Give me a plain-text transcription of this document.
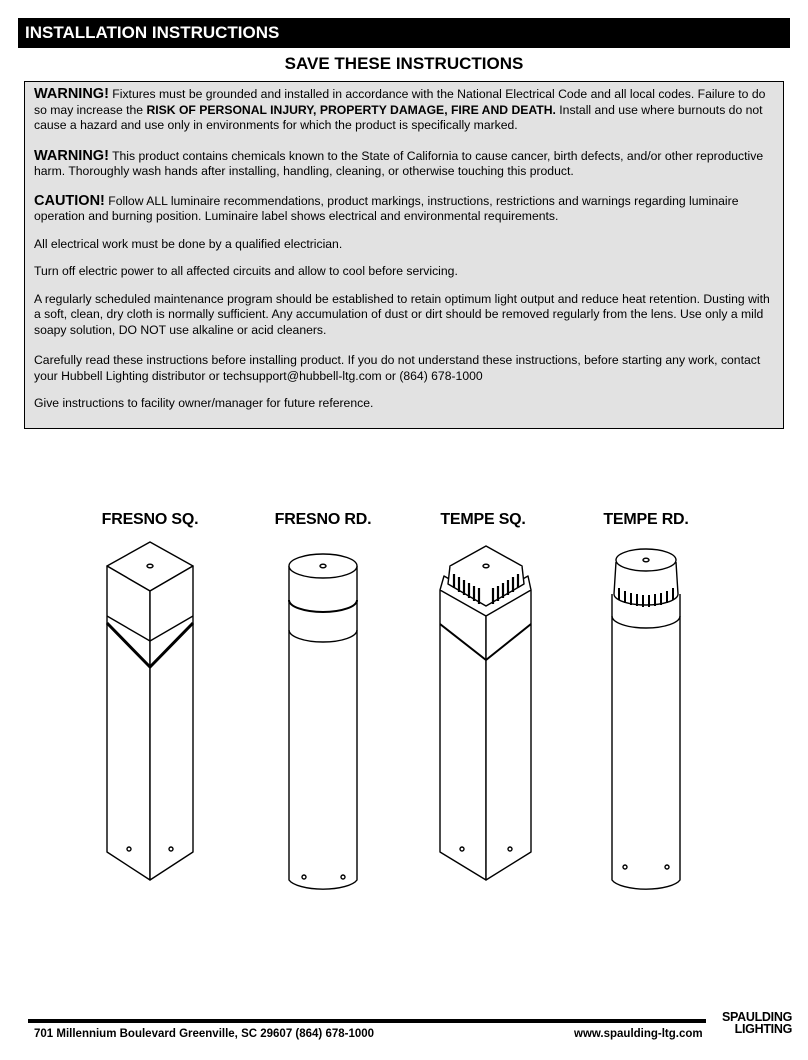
INSTALLATION INSTRUCTIONS
SAVE THESE INSTRUCTIONS

WARNING! Fixtures must be grounded and installed in accordance with the National Electrical Code and all local codes. Failure to do so may increase the RISK OF PERSONAL INJURY, PROPERTY DAMAGE, FIRE AND DEATH. Install and use where burnouts do not cause a hazard and use only in environments for which the product is specifically marked.

WARNING! This product contains chemicals known to the State of California to cause cancer, birth defects, and/or other reproductive harm. Thoroughly wash hands after installing, handling, cleaning, or otherwise touching this product.

CAUTION! Follow ALL luminaire recommendations, product markings, instructions, restrictions and warnings regarding luminaire operation and burning position. Luminaire label shows electrical and environmental requirements.

All electrical work must be done by a qualified electrician.

Turn off electric power to all affected circuits and allow to cool before servicing.

A regularly scheduled maintenance program should be established to retain optimum light output and reduce heat retention. Dusting with a soft, clean, dry cloth is normally sufficient. Any accumulation of dust or dirt should be removed regularly from the lens. Use only a mild soapy solution, DO NOT use alkaline or acid cleaners.

Carefully read these instructions before installing product. If you do not understand these instructions, before starting any work, contact your Hubbell Lighting distributor or techsupport@hubbell-ltg.com or (864) 678-1000

Give instructions to facility owner/manager for future reference.

FRESNO SQ.	FRESNO RD.	TEMPE SQ.	TEMPE RD.
701 Millennium Boulevard Greenville, SC 29607 (864) 678-1000	www.spaulding-ltg.com
SPAULDING
LIGHTING
